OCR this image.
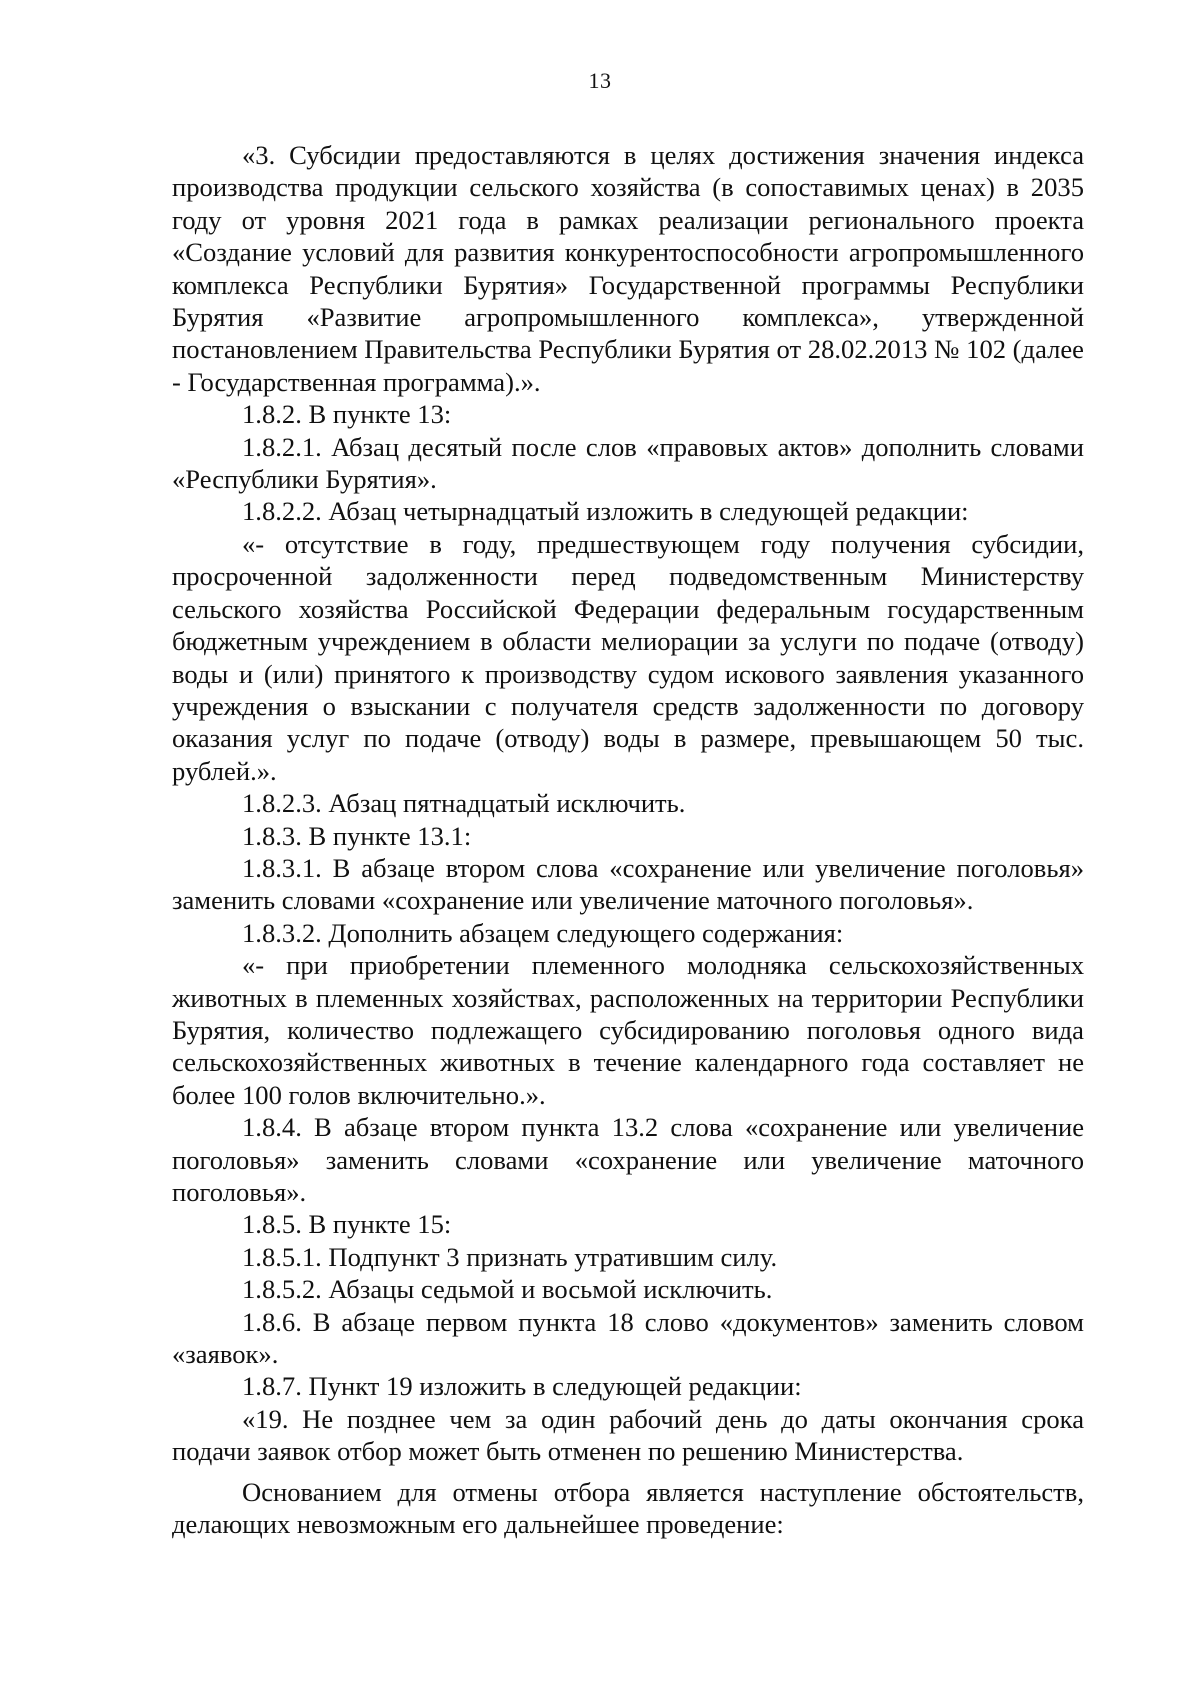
13

«3. Субсидии предоставляются в целях достижения значения индекса производства продукции сельского хозяйства (в сопоставимых ценах) в 2035 году от уровня 2021 года в рамках реализации регионального проекта «Создание условий для развития конкурентоспособности агропромышленного комплекса Республики Бурятия» Государственной программы Республики Бурятия «Развитие агропромышленного комплекса», утвержденной постановлением Правительства Республики Бурятия от 28.02.2013 № 102 (далее - Государственная программа).».

1.8.2. В пункте 13:

1.8.2.1. Абзац десятый после слов «правовых актов» дополнить словами «Республики Бурятия».

1.8.2.2. Абзац четырнадцатый изложить в следующей редакции:

«- отсутствие в году, предшествующем году получения субсидии, просроченной задолженности перед подведомственным Министерству сельского хозяйства Российской Федерации федеральным государственным бюджетным учреждением в области мелиорации за услуги по подаче (отводу) воды и (или) принятого к производству судом искового заявления указанного учреждения о взыскании с получателя средств задолженности по договору оказания услуг по подаче (отводу) воды в размере, превышающем 50 тыс. рублей.».

1.8.2.3. Абзац пятнадцатый исключить.

1.8.3. В пункте 13.1:

1.8.3.1. В абзаце втором слова «сохранение или увеличение поголовья» заменить словами «сохранение или увеличение маточного поголовья».

1.8.3.2. Дополнить абзацем следующего содержания:

«- при приобретении племенного молодняка сельскохозяйственных животных в племенных хозяйствах, расположенных на территории Республики Бурятия, количество подлежащего субсидированию поголовья одного вида сельскохозяйственных животных в течение календарного года составляет не более 100 голов включительно.».

1.8.4. В абзаце втором пункта 13.2 слова «сохранение или увеличение поголовья» заменить словами «сохранение или увеличение маточного поголовья».

1.8.5. В пункте 15:

1.8.5.1. Подпункт 3 признать утратившим силу.

1.8.5.2. Абзацы седьмой и восьмой исключить.

1.8.6. В абзаце первом пункта 18 слово «документов» заменить словом «заявок».

1.8.7. Пункт 19 изложить в следующей редакции:

«19. Не позднее чем за один рабочий день до даты окончания срока подачи заявок отбор может быть отменен по решению Министерства.

Основанием для отмены отбора является наступление обстоятельств, делающих невозможным его дальнейшее проведение:
